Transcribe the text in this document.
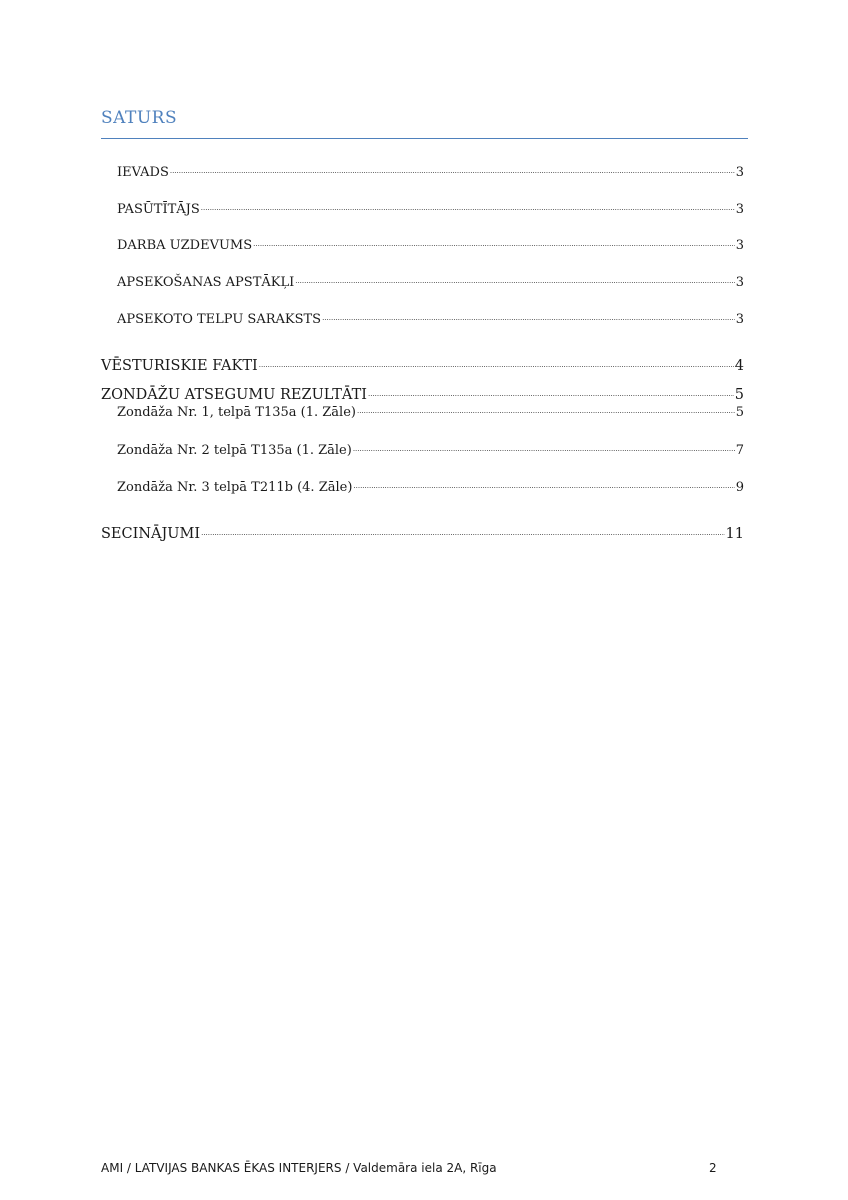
SATURS
IEVADS .....	3
PASŪTĪTĀJS .....	3
DARBA UZDEVUMS .....	3
APSEKOŠANAS APSTĀKĻI .....	3
APSEKOTO TELPU SARAKSTS .....	3
VĒSTURISKIE FAKTI .....	4
ZONDĀŽU ATSEGUMU REZULTĀTI .....	5
Zondāža Nr. 1, telpā T135a (1. Zāle) .....	5
Zondāža Nr. 2 telpā T135a (1. Zāle) .....	7
Zondāža Nr. 3 telpā T211b (4. Zāle) .....	9
SECINĀJUMI .....	11
AMI / LATVIJAS BANKAS ĒKAS INTERJERS / Valdemāra iela 2A, Rīga	2
